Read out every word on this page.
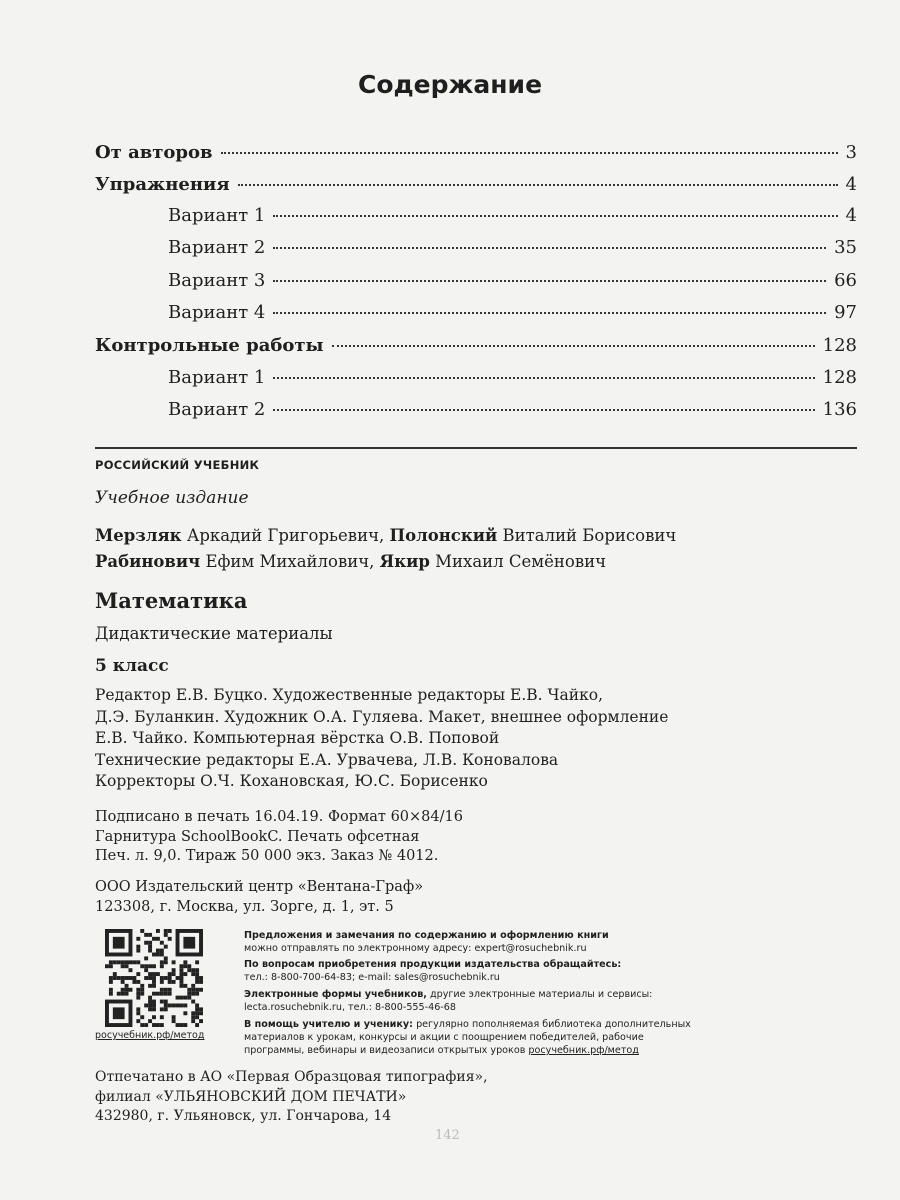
Содержание
От авторов	3
Упражнения	4
Вариант 1	4
Вариант 2	35
Вариант 3	66
Вариант 4	97
Контрольные работы	128
Вариант 1	128
Вариант 2	136
РОССИЙСКИЙ УЧЕБНИК
Учебное издание
Мерзляк Аркадий Григорьевич, Полонский Виталий Борисович
Рабинович Ефим Михайлович, Якир Михаил Семёнович
Математика
Дидактические материалы
5 класс
Редактор Е.В. Буцко. Художественные редакторы Е.В. Чайко,
Д.Э. Буланкин. Художник О.А. Гуляева. Макет, внешнее оформление
Е.В. Чайко. Компьютерная вёрстка О.В. Поповой
Технические редакторы Е.А. Урвачева, Л.В. Коновалова
Корректоры О.Ч. Кохановская, Ю.С. Борисенко
Подписано в печать 16.04.19. Формат 60×84/16
Гарнитура SchoolBookC. Печать офсетная
Печ. л. 9,0. Тираж 50 000 экз. Заказ № 4012.
ООО Издательский центр «Вентана-Граф»
123308, г. Москва, ул. Зорге, д. 1, эт. 5
росучебник.рф/метод
Предложения и замечания по содержанию и оформлению книги
можно отправлять по электронному адресу: expert@rosuchebnik.ru
По вопросам приобретения продукции издательства обращайтесь:
тел.: 8-800-700-64-83; e-mail: sales@rosuchebnik.ru
Электронные формы учебников, другие электронные материалы и сервисы:
lecta.rosuchebnik.ru, тел.: 8-800-555-46-68
В помощь учителю и ученику: регулярно пополняемая библиотека дополнительных
материалов к урокам, конкурсы и акции с поощрением победителей, рабочие
программы, вебинары и видеозаписи открытых уроков росучебник.рф/метод
Отпечатано в АО «Первая Образцовая типография»,
филиал «УЛЬЯНОВСКИЙ ДОМ ПЕЧАТИ»
432980, г. Ульяновск, ул. Гончарова, 14
142
